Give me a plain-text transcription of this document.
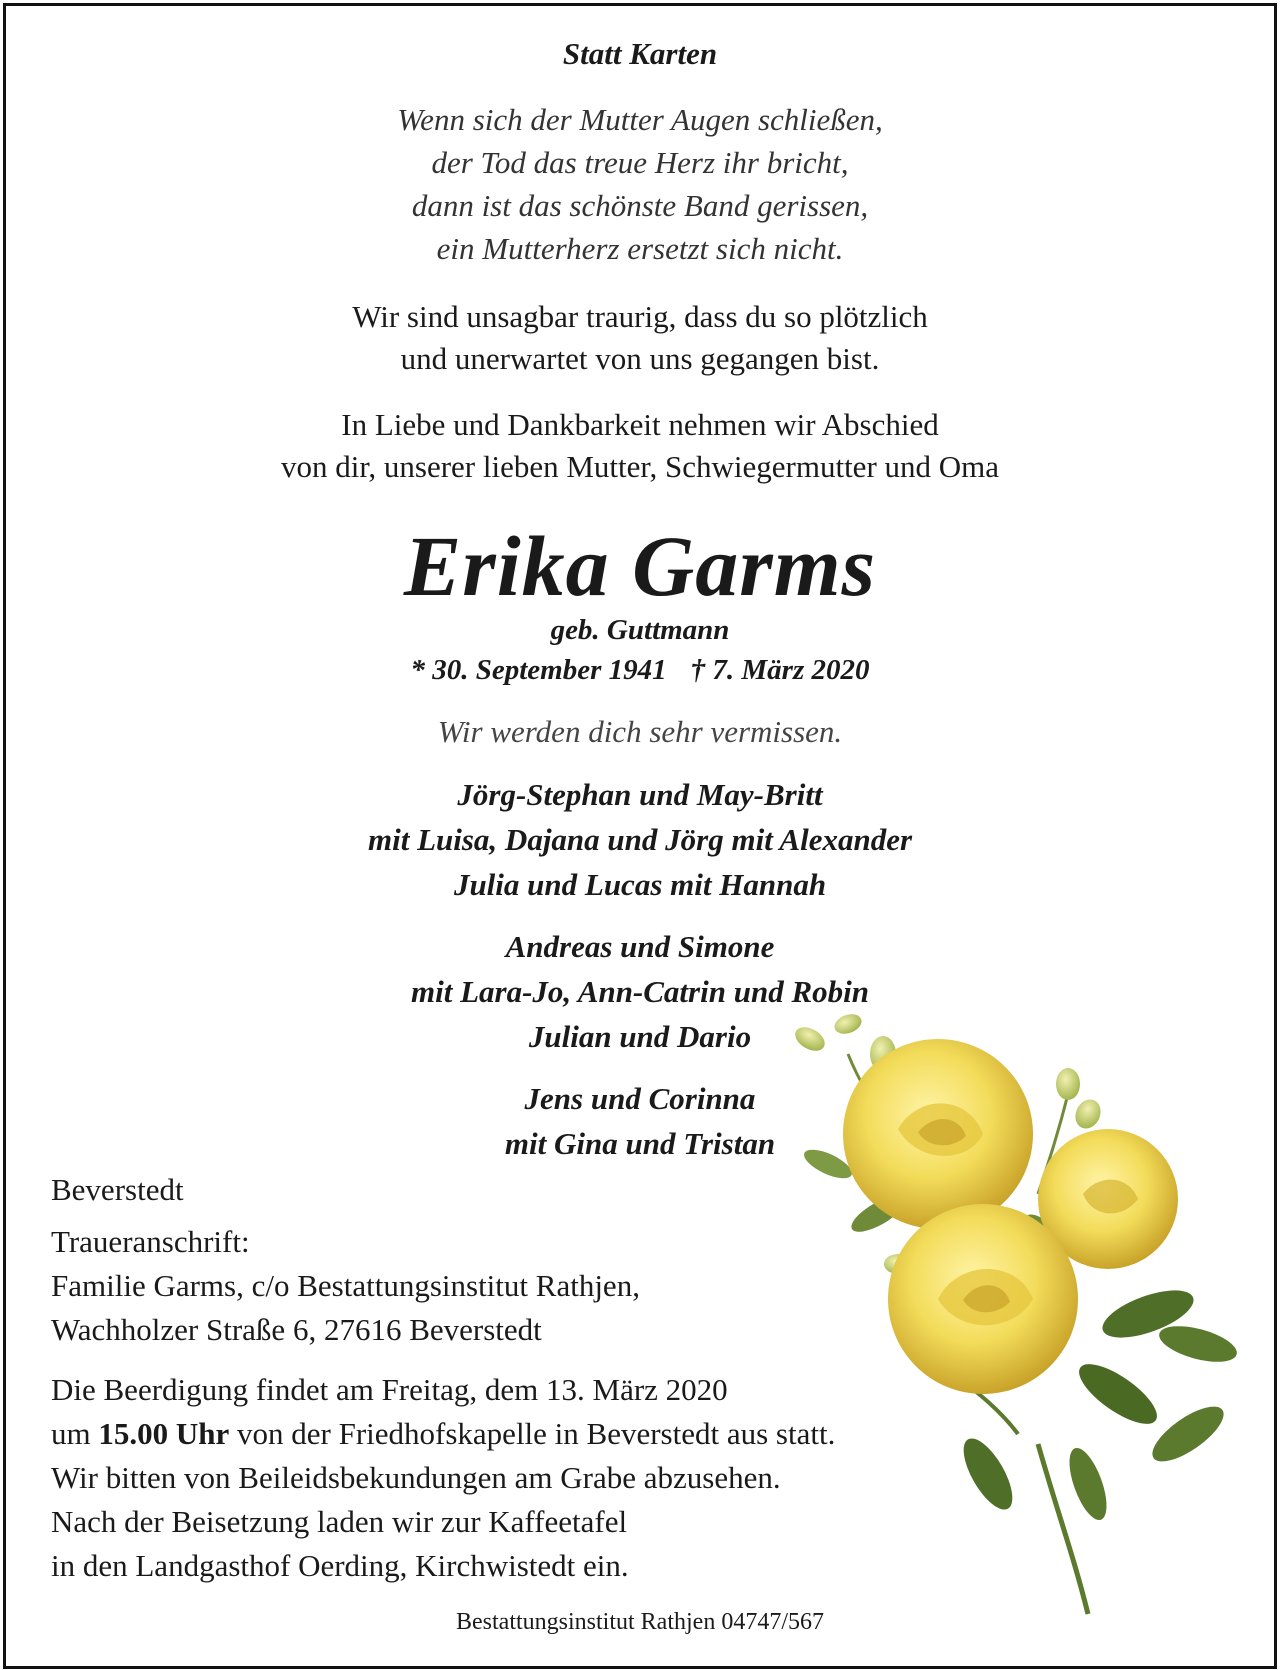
Statt Karten
Wenn sich der Mutter Augen schließen,
der Tod das treue Herz ihr bricht,
dann ist das schönste Band gerissen,
ein Mutterherz ersetzt sich nicht.
Wir sind unsagbar traurig, dass du so plötzlich
und unerwartet von uns gegangen bist.
In Liebe und Dankbarkeit nehmen wir Abschied
von dir, unserer lieben Mutter, Schwiegermutter und Oma
Erika Garms
geb. Guttmann
* 30. September 1941 † 7. März 2020
Wir werden dich sehr vermissen.
Jörg-Stephan und May-Britt
mit Luisa, Dajana und Jörg mit Alexander
Julia und Lucas mit Hannah
Andreas und Simone
mit Lara-Jo, Ann-Catrin und Robin
Julian und Dario
Jens und Corinna
mit Gina und Tristan
Beverstedt
Traueranschrift:
Familie Garms, c/o Bestattungsinstitut Rathjen,
Wachholzer Straße 6, 27616 Beverstedt
Die Beerdigung findet am Freitag, dem 13. März 2020
um 15.00 Uhr von der Friedhofskapelle in Beverstedt aus statt.
Wir bitten von Beileidsbekundungen am Grabe abzusehen.
Nach der Beisetzung laden wir zur Kaffeetafel
in den Landgasthof Oerding, Kirchwistedt ein.
Bestattungsinstitut Rathjen 04747/567
